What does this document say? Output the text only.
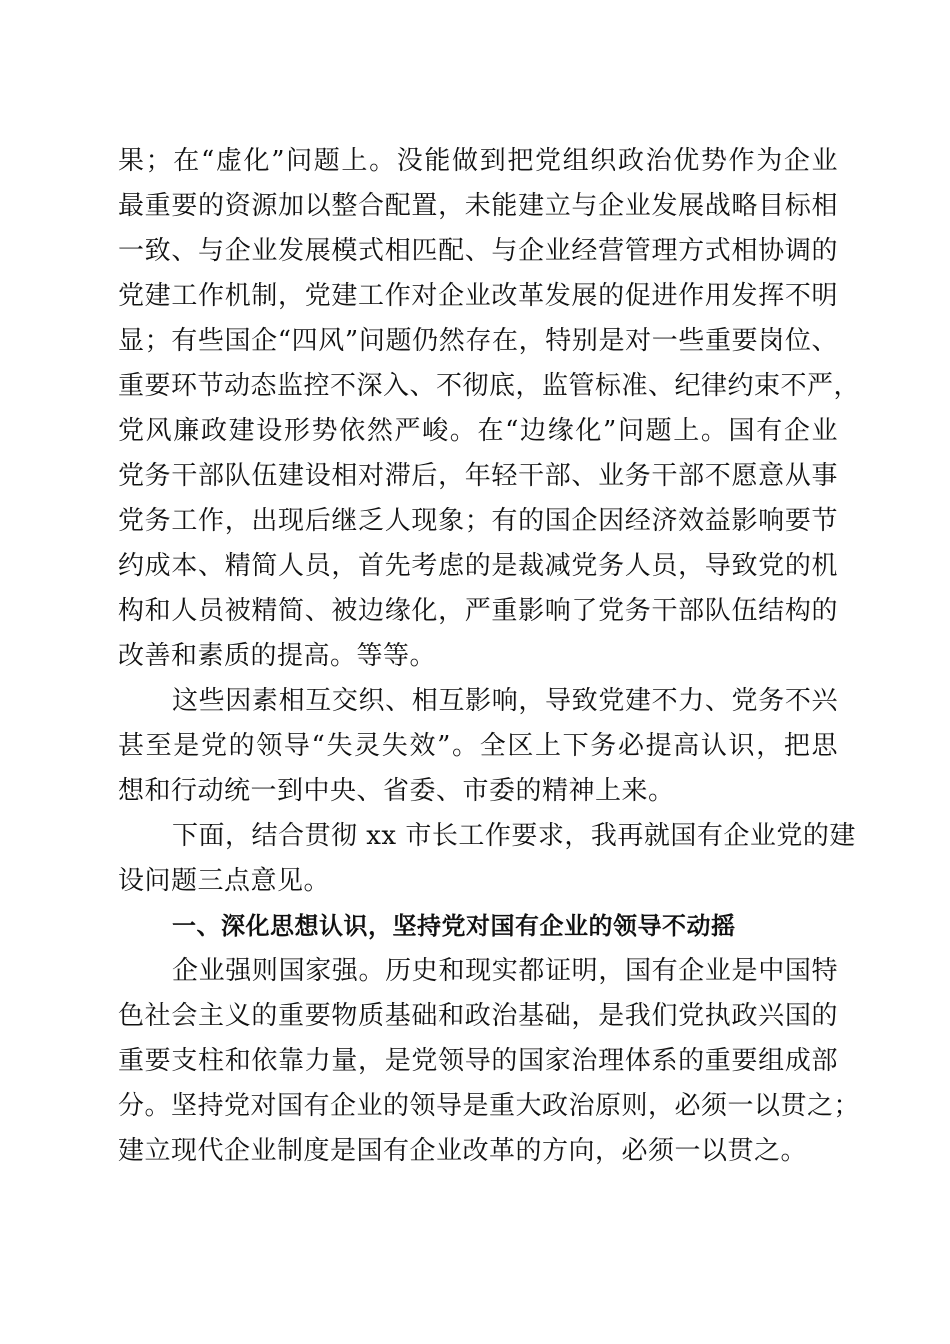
果；在“虚化”问题上。没能做到把党组织政治优势作为企业
最重要的资源加以整合配置，未能建立与企业发展战略目标相
一致、与企业发展模式相匹配、与企业经营管理方式相协调的
党建工作机制，党建工作对企业改革发展的促进作用发挥不明
显；有些国企“四风”问题仍然存在，特别是对一些重要岗位、
重要环节动态监控不深入、不彻底，监管标准、纪律约束不严，
党风廉政建设形势依然严峻。在“边缘化”问题上。国有企业
党务干部队伍建设相对滞后，年轻干部、业务干部不愿意从事
党务工作，出现后继乏人现象；有的国企因经济效益影响要节
约成本、精简人员，首先考虑的是裁减党务人员，导致党的机
构和人员被精简、被边缘化，严重影响了党务干部队伍结构的
改善和素质的提高。等等。
这些因素相互交织、相互影响，导致党建不力、党务不兴
甚至是党的领导“失灵失效”。全区上下务必提高认识，把思
想和行动统一到中央、省委、市委的精神上来。
下面，结合贯彻 xx 市长工作要求，我再就国有企业党的建
设问题三点意见。
一、深化思想认识，坚持党对国有企业的领导不动摇
企业强则国家强。历史和现实都证明，国有企业是中国特
色社会主义的重要物质基础和政治基础，是我们党执政兴国的
重要支柱和依靠力量，是党领导的国家治理体系的重要组成部
分。坚持党对国有企业的领导是重大政治原则，必须一以贯之；
建立现代企业制度是国有企业改革的方向，必须一以贯之。
